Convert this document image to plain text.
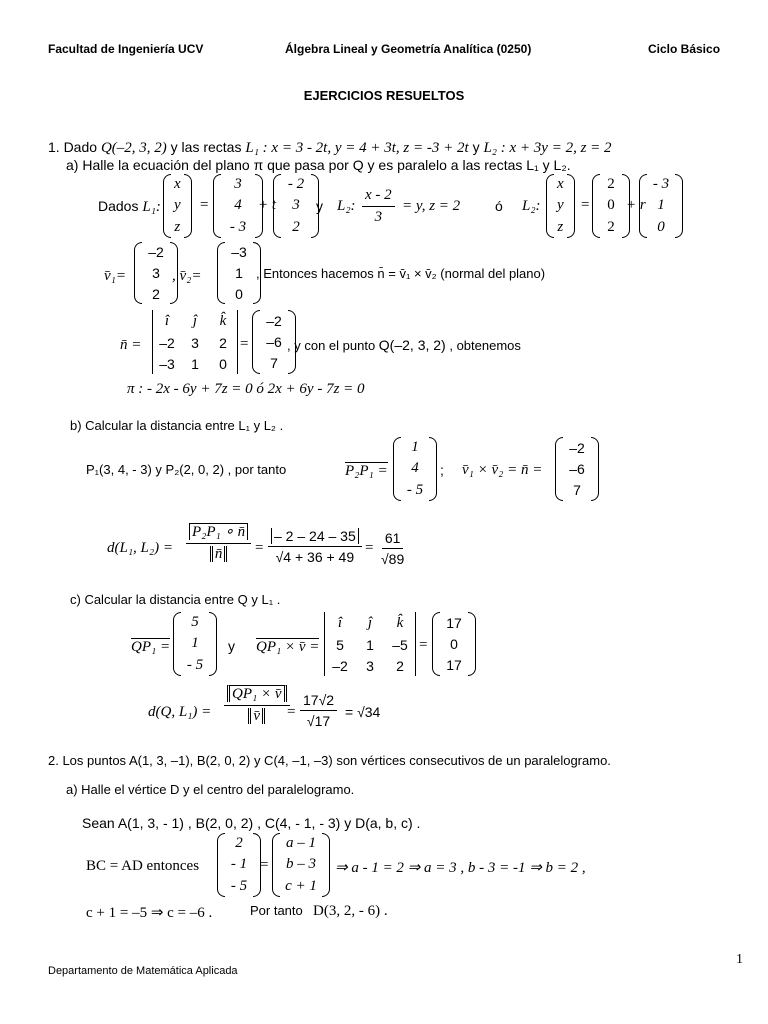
Facultad de Ingeniería UCV	Álgebra Lineal y Geometría Analítica (0250)	Ciclo Básico
EJERCICIOS RESUELTOS
1. Dado Q(–2, 3, 2) y las rectas L₁ : x = 3 - 2t, y = 4 + 3t, z = -3 + 2t y L₂ : x + 3y = 2, z = 2
a) Halle la ecuación del plano π que pasa por Q y es paralelo a las rectas L₁ y L₂.
Dados L₁:
x
y
z
=
3
4
- 3
+ t
- 2
3
2
y L₂: $\frac{x - 2}{3} = y$, z = 2 ó L₂:
x
y
z
=
2
0
2
+ r
- 3
1
0
v̄₁=
–2
3
2
, v̄₂=
–3
1
0
, Entonces hacemos n̄ = v̄₁ × v̄₂ (normal del plano)
n̄ =
î ĵ k̂
–2 3 2
–3 1 0
=
–2
–6
7
, y con el punto Q(–2, 3, 2) , obtenemos
π : - 2x - 6y + 7z = 0 ó 2x + 6y - 7z = 0
b) Calcular la distancia entre L₁ y L₂ .
P₁(3, 4, - 3) y P₂(2, 0, 2) , por tanto	P₂P₁ =
1
4
- 5
; v̄₁ × v̄₂ = n̄ =
–2
–6
7
d(L₁, $L_2) = \frac{\text{P₂P₁ ∘ n̄}}{n̄} = \frac{- 2 - 24 - 35}{√4 + 36 + 49} = \frac{61}{√89}$
c) Calcular la distancia entre Q y L₁ .
QP₁ =
5
1
- 5
y QP₁ × v̄ =
î ĵ k̂
5 1 –5
–2 3 2
=
17
0
17
d(Q, $L_1) = \frac{\text{QP₁ × v̄}}{v̄}$
= $\frac{17√2}{√17} = √34$
2. Los puntos A(1, 3, –1), B(2, 0, 2) y C(4, –1, –3) son vértices consecutivos de un paralelogramo.
a) Halle el vértice D y el centro del paralelogramo.
Sean A(1, 3, - 1) , B(2, 0, 2) , C(4, - 1, - 3) y D(a, b, c) .
BC = AD entonces
2
- 1
- 5
=
a – 1
b – 3
c + 1
⇒ a - 1 = 2 ⇒ a = 3 , b - 3 = -1 ⇒ b = 2 ,
c + 1 = –5 ⇒ c = –6 .	Por tanto D(3, 2, - 6) .
1
Departamento de Matemática Aplicada
